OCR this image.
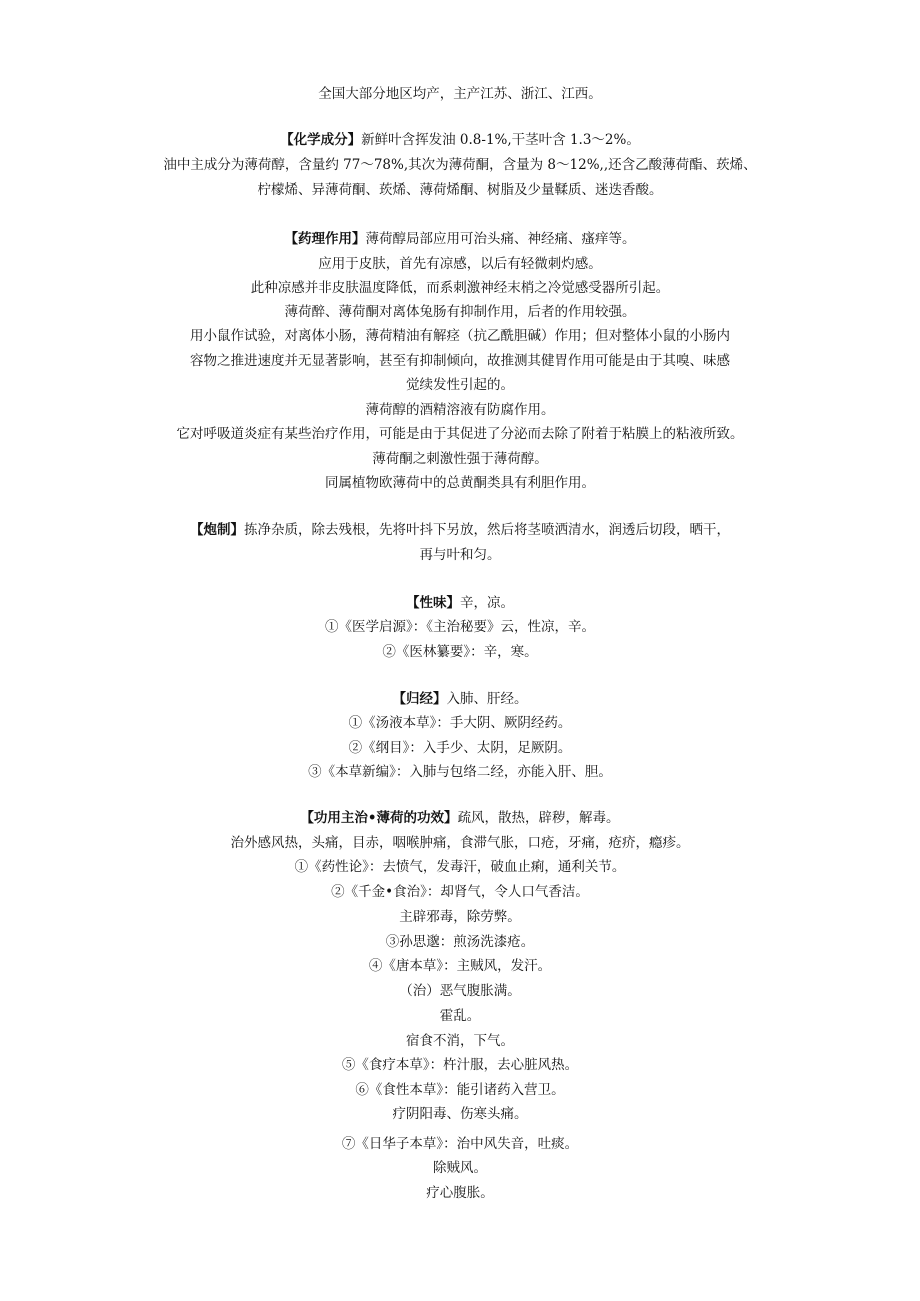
全国大部分地区均产，主产江苏、浙江、江西。
【化学成分】新鲜叶含挥发油 0.8-1%,干茎叶含 1.3～2%。
油中主成分为薄荷醇，含量约 77～78%,其次为薄荷酮，含量为 8～12%,,还含乙酸薄荷酯、莰烯、
柠檬烯、异薄荷酮、莰烯、薄荷烯酮、树脂及少量鞣质、迷迭香酸。
【药理作用】薄荷醇局部应用可治头痛、神经痛、瘙痒等。
应用于皮肤，首先有凉感，以后有轻微刺灼感。
此种凉感并非皮肤温度降低，而系刺激神经末梢之冷觉感受器所引起。
薄荷醉、薄荷酮对离体兔肠有抑制作用，后者的作用较强。
用小鼠作试验，对离体小肠，薄荷精油有解痉（抗乙酰胆碱）作用；但对整体小鼠的小肠内
容物之推进速度并无显著影响，甚至有抑制倾向，故推测其健胃作用可能是由于其嗅、味感
觉续发性引起的。
薄荷醇的酒精溶液有防腐作用。
它对呼吸道炎症有某些治疗作用，可能是由于其促进了分泌而去除了附着于粘膜上的粘液所致。
薄荷酮之刺激性强于薄荷醇。
同属植物欧薄荷中的总黄酮类具有利胆作用。
【炮制】拣净杂质，除去残根，先将叶抖下另放，然后将茎喷洒清水，润透后切段，晒干，
再与叶和匀。
【性味】辛，凉。
①《医学启源》：《主治秘要》云，性凉，辛。
②《医林纂要》：辛，寒。
【归经】入肺、肝经。
①《汤液本草》：手大阴、厥阴经药。
②《纲目》：入手少、太阴，足厥阴。
③《本草新编》：入肺与包络二经，亦能入肝、胆。
【功用主治•薄荷的功效】疏风，散热，辟秽，解毒。
治外感风热，头痛，目赤，咽喉肿痛，食滞气胀，口疮，牙痛，疮疥，瘾疹。
①《药性论》：去愤气，发毒汗，破血止痢，通利关节。
②《千金•食治》：却肾气，令人口气香洁。
主辟邪毒，除劳弊。
③孙思邈：煎汤洗漆疮。
④《唐本草》：主贼风，发汗。
（治）恶气腹胀满。
霍乱。
宿食不消，下气。
⑤《食疗本草》：杵汁服，去心脏风热。
⑥《食性本草》：能引诸药入营卫。
疗阴阳毒、伤寒头痛。
⑦《日华子本草》：治中风失音，吐痰。
除贼风。
疗心腹胀。
